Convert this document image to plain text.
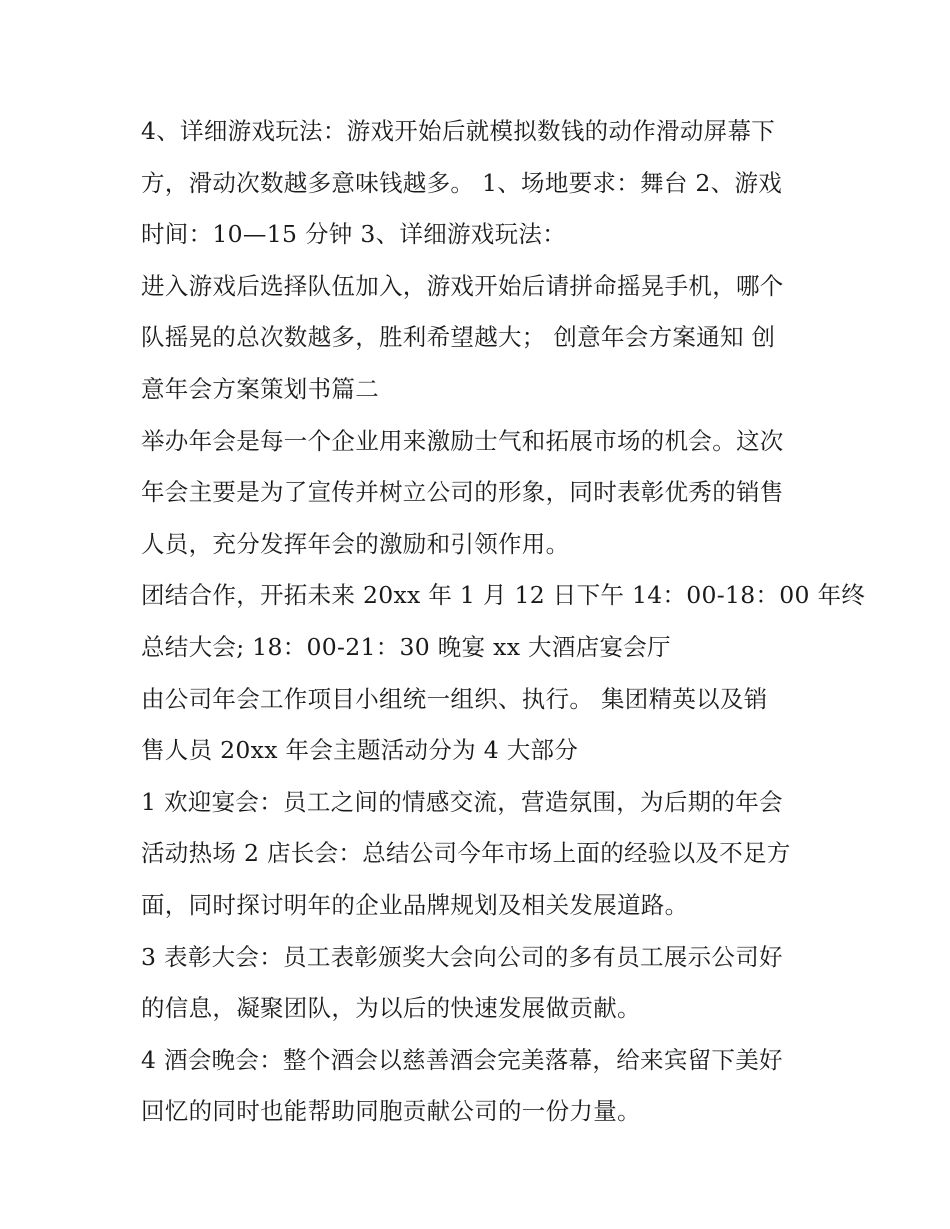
4、详细游戏玩法：游戏开始后就模拟数钱的动作滑动屏幕下
方，滑动次数越多意味钱越多。 1、场地要求：舞台 2、游戏
时间：10—15 分钟 3、详细游戏玩法：
进入游戏后选择队伍加入，游戏开始后请拼命摇晃手机，哪个
队摇晃的总次数越多，胜利希望越大； 创意年会方案通知 创
意年会方案策划书篇二
举办年会是每一个企业用来激励士气和拓展市场的机会。这次
年会主要是为了宣传并树立公司的形象，同时表彰优秀的销售
人员，充分发挥年会的激励和引领作用。
团结合作，开拓未来 20xx 年 1 月 12 日下午 14：00-18：00 年终
总结大会; 18：00-21：30 晚宴 xx 大酒店宴会厅
由公司年会工作项目小组统一组织、执行。 集团精英以及销
售人员 20xx 年会主题活动分为 4 大部分
1 欢迎宴会：员工之间的情感交流，营造氛围，为后期的年会
活动热场 2 店长会：总结公司今年市场上面的经验以及不足方
面，同时探讨明年的企业品牌规划及相关发展道路。
3 表彰大会：员工表彰颁奖大会向公司的多有员工展示公司好
的信息，凝聚团队，为以后的快速发展做贡献。
4 酒会晚会：整个酒会以慈善酒会完美落幕，给来宾留下美好
回忆的同时也能帮助同胞贡献公司的一份力量。
